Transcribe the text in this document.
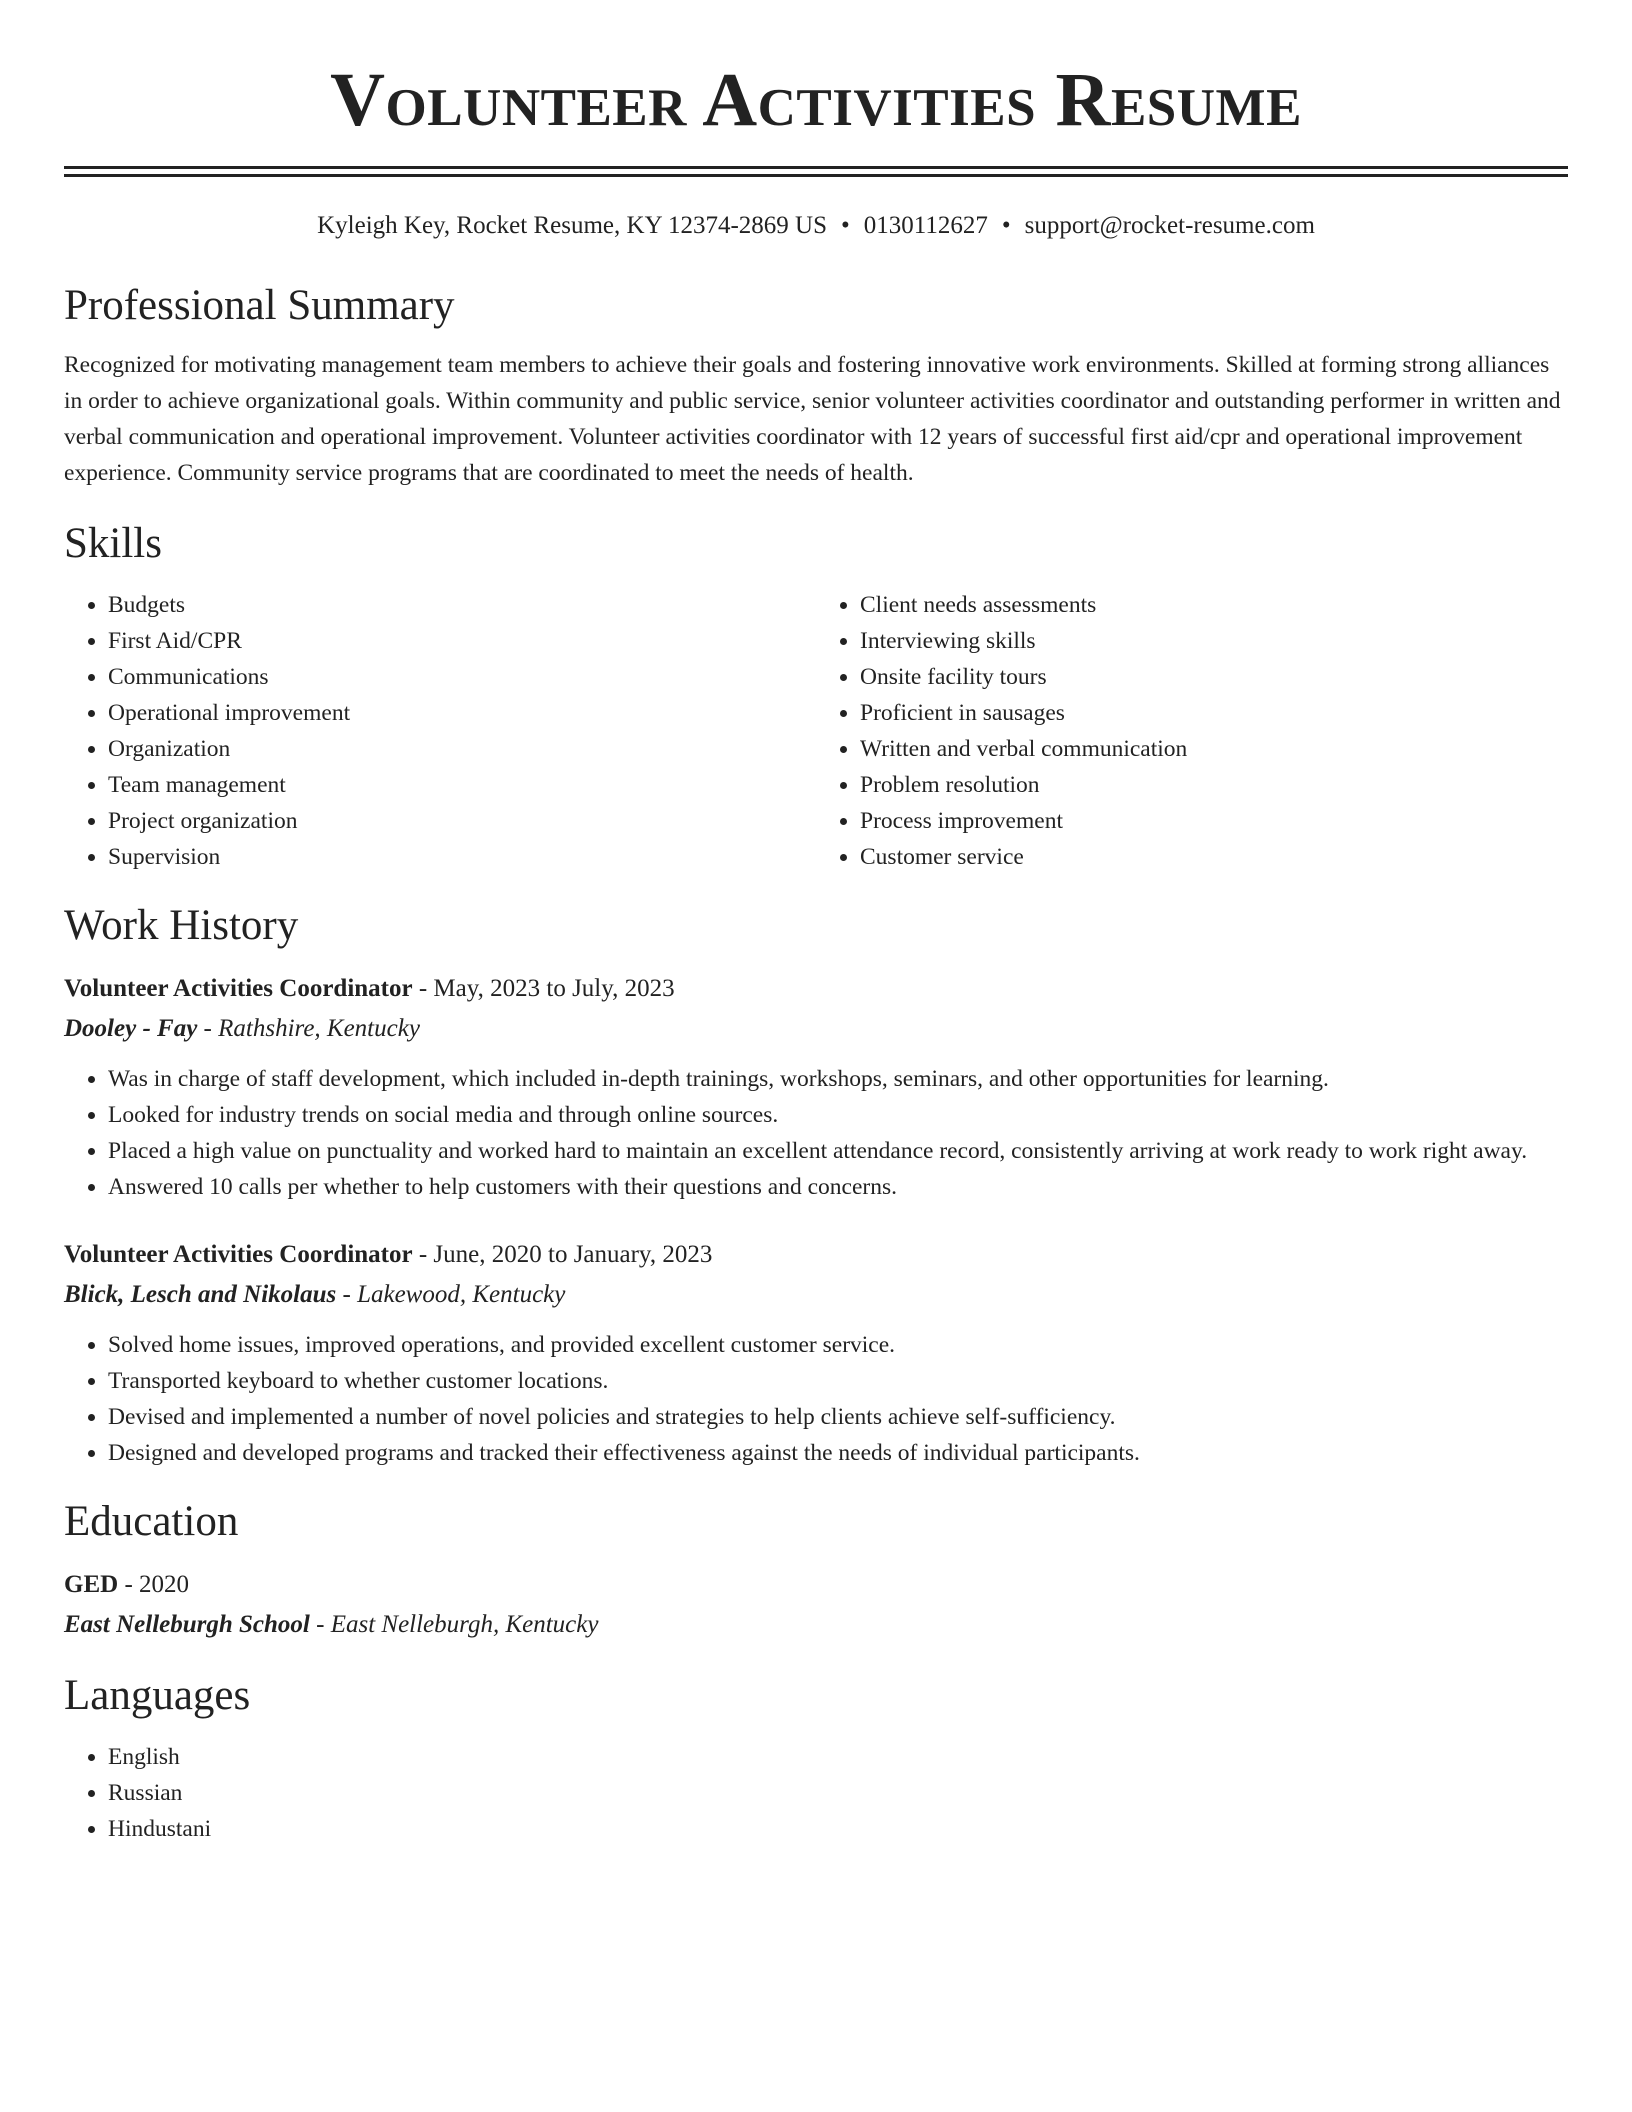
Volunteer Activities Resume
Kyleigh Key, Rocket Resume, KY 12374-2869 US • 0130112627 • support@rocket-resume.com
Professional Summary

Recognized for motivating management team members to achieve their goals and fostering innovative work environments. Skilled at forming strong alliances in order to achieve organizational goals. Within community and public service, senior volunteer activities coordinator and outstanding performer in written and verbal communication and operational improvement. Volunteer activities coordinator with 12 years of successful first aid/cpr and operational improvement experience. Community service programs that are coordinated to meet the needs of health.

Skills
• Budgets
• First Aid/CPR
• Communications
• Operational improvement
• Organization
• Team management
• Project organization
• Supervision
• Client needs assessments
• Interviewing skills
• Onsite facility tours
• Proficient in sausages
• Written and verbal communication
• Problem resolution
• Process improvement
• Customer service
Work History
Volunteer Activities Coordinator - May, 2023 to July, 2023
Dooley - Fay - Rathshire, Kentucky
• Was in charge of staff development, which included in-depth trainings, workshops, seminars, and other opportunities for learning.
• Looked for industry trends on social media and through online sources.
• Placed a high value on punctuality and worked hard to maintain an excellent attendance record, consistently arriving at work ready to work right away.
• Answered 10 calls per whether to help customers with their questions and concerns.
Volunteer Activities Coordinator - June, 2020 to January, 2023
Blick, Lesch and Nikolaus - Lakewood, Kentucky
• Solved home issues, improved operations, and provided excellent customer service.
• Transported keyboard to whether customer locations.
• Devised and implemented a number of novel policies and strategies to help clients achieve self-sufficiency.
• Designed and developed programs and tracked their effectiveness against the needs of individual participants.
Education
GED - 2020
East Nelleburgh School - East Nelleburgh, Kentucky
Languages
• English
• Russian
• Hindustani
